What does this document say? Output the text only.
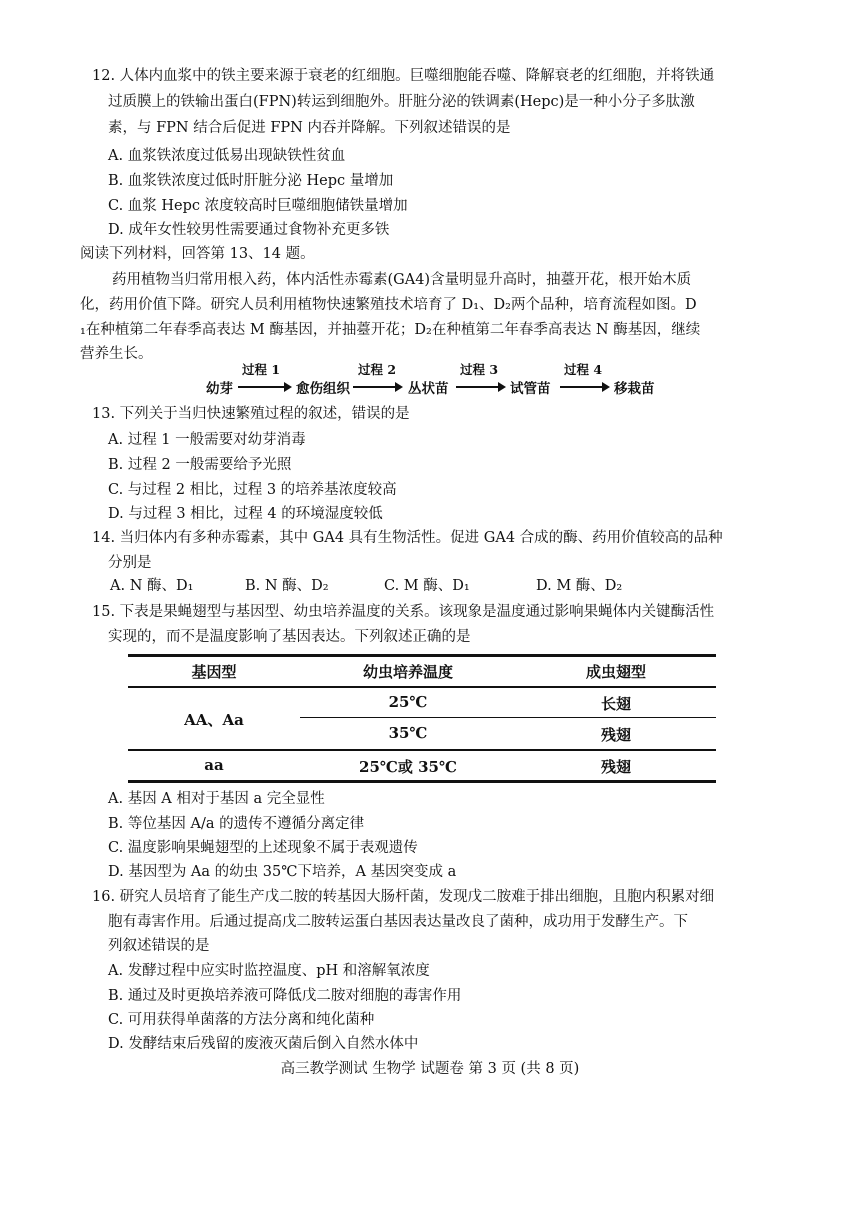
12. 人体内血浆中的铁主要来源于衰老的红细胞。巨噬细胞能吞噬、降解衰老的红细胞，并将铁通
过质膜上的铁输出蛋白(FPN)转运到细胞外。肝脏分泌的铁调素(Hepc)是一种小分子多肽激
素，与 FPN 结合后促进 FPN 内吞并降解。下列叙述错误的是
A. 血浆铁浓度过低易出现缺铁性贫血
B. 血浆铁浓度过低时肝脏分泌 Hepc 量增加
C. 血浆 Hepc 浓度较高时巨噬细胞储铁量增加
D. 成年女性较男性需要通过食物补充更多铁
阅读下列材料，回答第 13、14 题。
药用植物当归常用根入药，体内活性赤霉素(GA4)含量明显升高时，抽薹开花，根开始木质
化，药用价值下降。研究人员利用植物快速繁殖技术培育了 D₁、D₂两个品种，培育流程如图。D
₁在种植第二年春季高表达 M 酶基因，并抽薹开花；D₂在种植第二年春季高表达 N 酶基因，继续
营养生长。
幼芽
过程 1
愈伤组织
过程 2
丛状苗
过程 3
试管苗
过程 4
移栽苗
13. 下列关于当归快速繁殖过程的叙述，错误的是
A. 过程 1 一般需要对幼芽消毒
B. 过程 2 一般需要给予光照
C. 与过程 2 相比，过程 3 的培养基浓度较高
D. 与过程 3 相比，过程 4 的环境湿度较低
14. 当归体内有多种赤霉素，其中 GA4 具有生物活性。促进 GA4 合成的酶、药用价值较高的品种
分别是
A. N 酶、D₁	B. N 酶、D₂	C. M 酶、D₁	D. M 酶、D₂
15. 下表是果蝇翅型与基因型、幼虫培养温度的关系。该现象是温度通过影响果蝇体内关键酶活性
实现的，而不是温度影响了基因表达。下列叙述正确的是
基因型	幼虫培养温度	成虫翅型
AA、Aa
25℃	长翅
35℃	残翅
aa	25℃或 35℃	残翅
A. 基因 A 相对于基因 a 完全显性
B. 等位基因 A/a 的遗传不遵循分离定律
C. 温度影响果蝇翅型的上述现象不属于表观遗传
D. 基因型为 Aa 的幼虫 35℃下培养，A 基因突变成 a
16. 研究人员培育了能生产戊二胺的转基因大肠杆菌，发现戊二胺难于排出细胞，且胞内积累对细
胞有毒害作用。后通过提高戊二胺转运蛋白基因表达量改良了菌种，成功用于发酵生产。下
列叙述错误的是
A. 发酵过程中应实时监控温度、pH 和溶解氧浓度
B. 通过及时更换培养液可降低戊二胺对细胞的毒害作用
C. 可用获得单菌落的方法分离和纯化菌种
D. 发酵结束后残留的废液灭菌后倒入自然水体中
高三教学测试 生物学 试题卷 第 3 页 (共 8 页)
